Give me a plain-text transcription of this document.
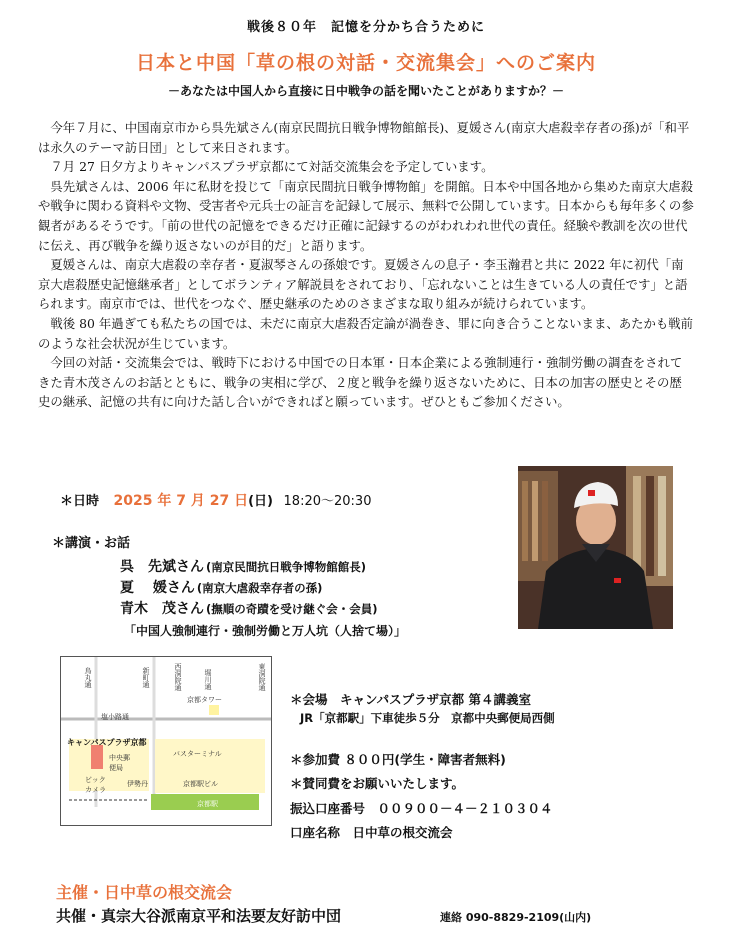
戦後８０年　記憶を分かち合うために
日本と中国「草の根の対話・交流集会」へのご案内
－あなたは中国人から直接に日中戦争の話を聞いたことがありますか？－

今年７月に、中国南京市から呉先斌さん(南京民間抗日戦争博物館館長)、夏媛さん(南京大虐殺幸存者の孫)が「和平は永久のテーマ訪日団」として来日されます。

７月 27 日夕方よりキャンパスプラザ京都にて対話交流集会を予定しています。

呉先斌さんは、2006 年に私財を投じて「南京民間抗日戦争博物館」を開館。日本や中国各地から集めた南京大虐殺や戦争に関わる資料や文物、受害者や元兵士の証言を記録して展示、無料で公開しています。日本からも毎年多くの参観者があるそうです。「前の世代の記憶をできるだけ正確に記録するのがわれわれ世代の責任。経験や教訓を次の世代に伝え、再び戦争を繰り返さないのが目的だ」と語ります。

夏媛さんは、南京大虐殺の幸存者・夏淑琴さんの孫娘です。夏媛さんの息子・李玉瀚君と共に 2022 年に初代「南京大虐殺歴史記憶継承者」としてボランティア解説員をされており、「忘れないことは生きている人の責任です」と語られます。南京市では、世代をつなぐ、歴史継承のためのさまざまな取り組みが続けられています。

戦後 80 年過ぎても私たちの国では、未だに南京大虐殺否定論が渦巻き、罪に向き合うことないまま、あたかも戦前のような社会状況が生じています。

今回の対話・交流集会では、戦時下における中国での日本軍・日本企業による強制連行・強制労働の調査をされてきた青木茂さんのお話とともに、戦争の実相に学び、２度と戦争を繰り返さないために、日本の加害の歴史とその歴史の継承、記憶の共有に向けた話し合いができればと願っています。ぜひともご参加ください。

＊日時 2025 年 7 月 27 日(日) 18:20～20:30
＊講演・お話
呉　先斌さん (南京民間抗日戦争博物館館長)
夏　 媛さん (南京大虐殺幸存者の孫)
青木　茂さん (撫順の奇蹟を受け継ぐ会・会員)
「中国人強制連行・強制労働と万人坑（人捨て場）」
烏丸通	新町通	西洞院通	堀川通	東洞院通
塩小路通
キャンパスプラザ京都
中央郵便局
バスターミナル
京都タワー
ビックカメラ
伊勢丹	京都駅ビル
京都駅
＊会場　キャンパスプラザ京都 第４講義室
JR「京都駅」下車徒歩５分　京都中央郵便局西側
＊参加費 ８００円(学生・障害者無料)
＊賛同費をお願いいたします。
振込口座番号　００９００－４－２１０３０４
口座名称　日中草の根交流会
主催・日中草の根交流会
共催・真宗大谷派南京平和法要友好訪中団	連絡 090-8829-2109(山内)
